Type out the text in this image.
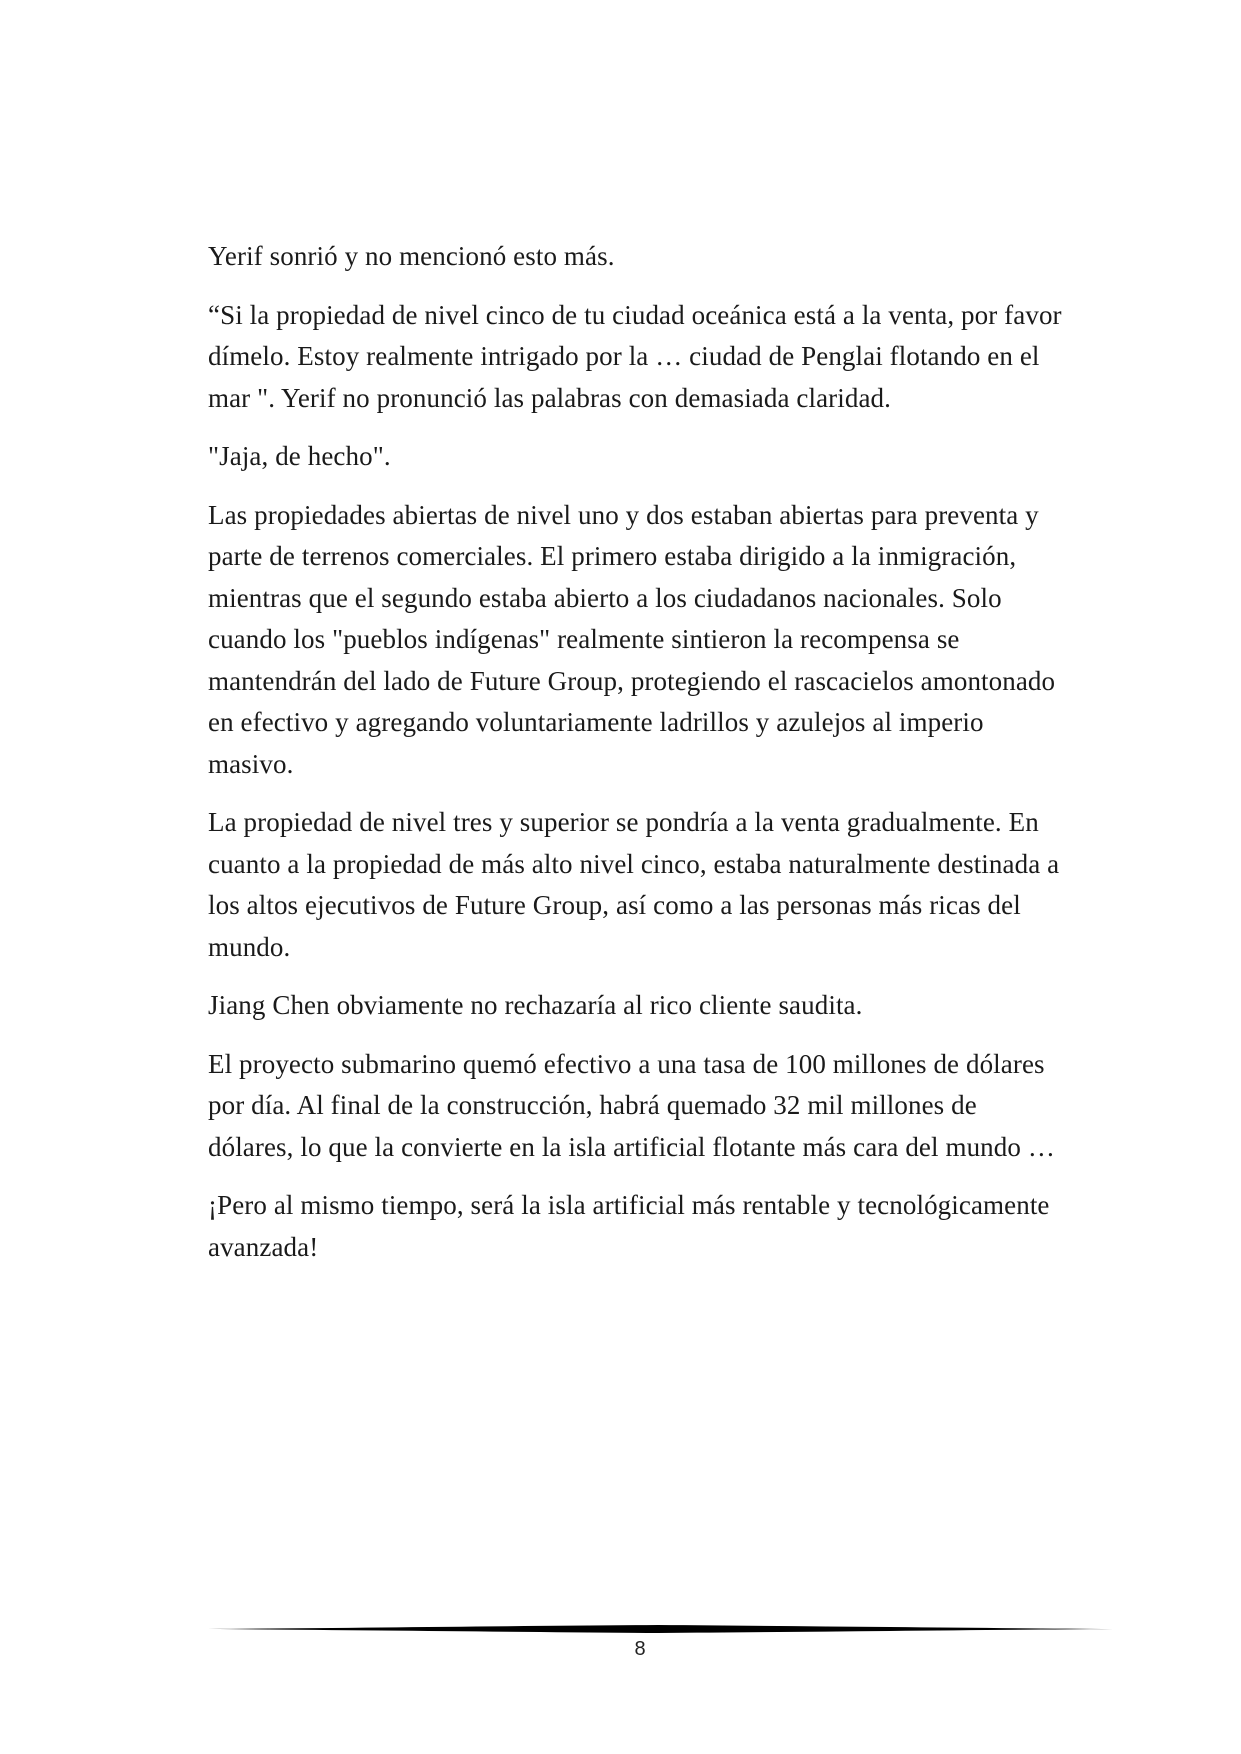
Yerif sonrió y no mencionó esto más.

“Si la propiedad de nivel cinco de tu ciudad oceánica está a la venta, por favor dímelo. Estoy realmente intrigado por la … ciudad de Penglai flotando en el mar ". Yerif no pronunció las palabras con demasiada claridad.

"Jaja, de hecho".

Las propiedades abiertas de nivel uno y dos estaban abiertas para preventa y parte de terrenos comerciales. El primero estaba dirigido a la inmigración, mientras que el segundo estaba abierto a los ciudadanos nacionales. Solo cuando los "pueblos indígenas" realmente sintieron la recompensa se mantendrán del lado de Future Group, protegiendo el rascacielos amontonado en efectivo y agregando voluntariamente ladrillos y azulejos al imperio masivo.

La propiedad de nivel tres y superior se pondría a la venta gradualmente. En cuanto a la propiedad de más alto nivel cinco, estaba naturalmente destinada a los altos ejecutivos de Future Group, así como a las personas más ricas del mundo.

Jiang Chen obviamente no rechazaría al rico cliente saudita.

El proyecto submarino quemó efectivo a una tasa de 100 millones de dólares por día. Al final de la construcción, habrá quemado 32 mil millones de dólares, lo que la convierte en la isla artificial flotante más cara del mundo …

¡Pero al mismo tiempo, será la isla artificial más rentable y tecnológicamente avanzada!

8
